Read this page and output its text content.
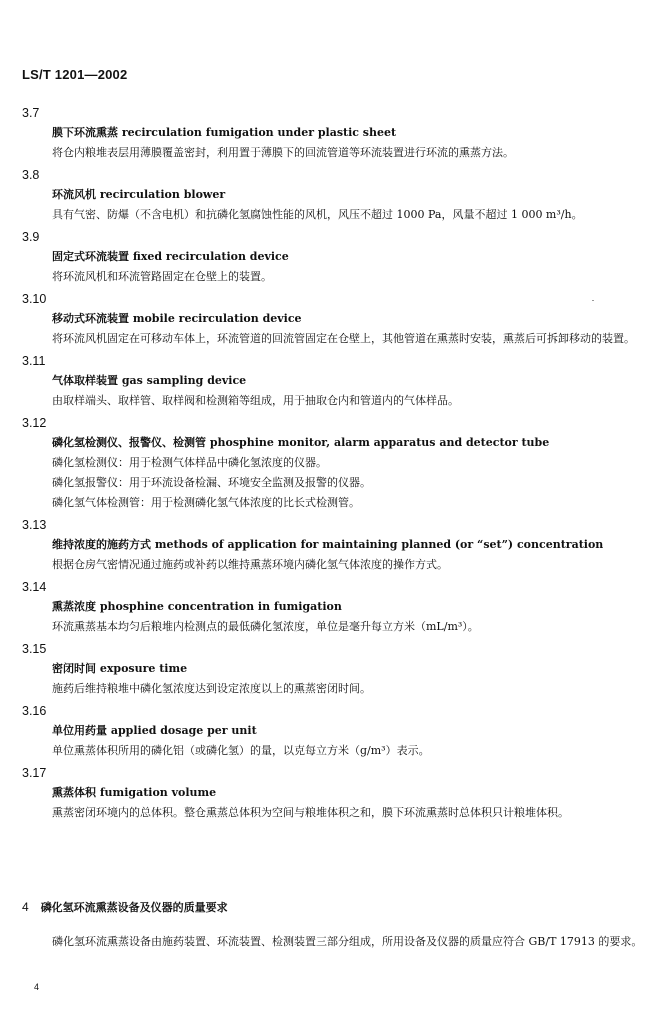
LS/T 1201—2002
3.7
膜下环流熏蒸 recirculation fumigation under plastic sheet

将仓内粮堆表层用薄膜覆盖密封，利用置于薄膜下的回流管道等环流装置进行环流的熏蒸方法。

3.8
环流风机 recirculation blower

具有气密、防爆（不含电机）和抗磷化氢腐蚀性能的风机，风压不超过 1000 Pa，风量不超过 1 000 m³/h。

3.9
固定式环流装置 fixed recirculation device

将环流风机和环流管路固定在仓壁上的装置。

3.10
移动式环流装置 mobile recirculation device

将环流风机固定在可移动车体上，环流管道的回流管固定在仓壁上，其他管道在熏蒸时安装，熏蒸后可拆卸移动的装置。

3.11
气体取样装置 gas sampling device

由取样端头、取样管、取样阀和检测箱等组成，用于抽取仓内和管道内的气体样品。

3.12
磷化氢检测仪、报警仪、检测管 phosphine monitor, alarm apparatus and detector tube
磷化氢检测仪：用于检测气体样品中磷化氢浓度的仪器。
磷化氢报警仪：用于环流设备检漏、环境安全监测及报警的仪器。
磷化氢气体检测管：用于检测磷化氢气体浓度的比长式检测管。
3.13
维持浓度的施药方式 methods of application for maintaining planned (or “set”) concentration

根据仓房气密情况通过施药或补药以维持熏蒸环境内磷化氢气体浓度的操作方式。

3.14
熏蒸浓度 phosphine concentration in fumigation

环流熏蒸基本均匀后粮堆内检测点的最低磷化氢浓度，单位是毫升每立方米（mL/m³）。

3.15
密闭时间 exposure time

施药后维持粮堆中磷化氢浓度达到设定浓度以上的熏蒸密闭时间。

3.16
单位用药量 applied dosage per unit

单位熏蒸体积所用的磷化铝（或磷化氢）的量，以克每立方米（g/m³）表示。

3.17
熏蒸体积 fumigation volume

熏蒸密闭环境内的总体积。整仓熏蒸总体积为空间与粮堆体积之和，膜下环流熏蒸时总体积只计粮堆体积。

4 磷化氢环流熏蒸设备及仪器的质量要求

磷化氢环流熏蒸设备由施药装置、环流装置、检测装置三部分组成，所用设备及仪器的质量应符合 GB/T 17913 的要求。

4
